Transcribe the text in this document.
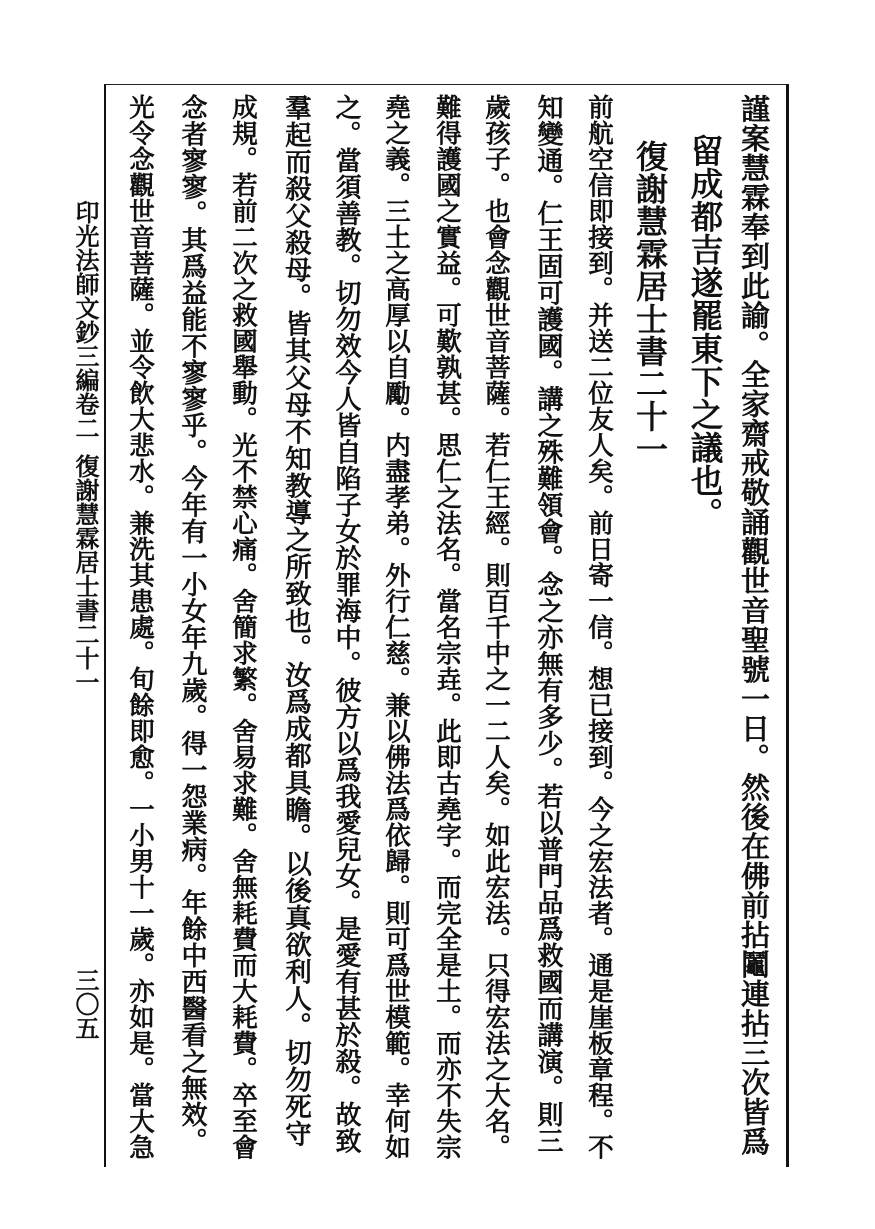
謹案慧霖奉到此諭。全家齋戒敬誦觀世音聖號一日。然後在佛前拈鬮連拈三次皆爲
留成都吉遂罷東下之議也。
復謝慧霖居士書二十一
前航空信即接到。并送二位友人矣。前日寄一信。想已接到。今之宏法者。通是崖板章程。不
知變通。仁王固可護國。講之殊難領會。念之亦無有多少。若以普門品爲救國而講演。則三
歲孩子。也會念觀世音菩薩。若仁王經。則百千中之一二人矣。如此宏法。只得宏法之大名。
難得護國之實益。可歎孰甚。思仁之法名。當名宗垚。此即古堯字。而完全是土。而亦不失宗
堯之義。三土之高厚以自勵。内盡孝弟。外行仁慈。兼以佛法爲依歸。則可爲世模範。幸何如
之。當須善教。切勿效今人皆自陷子女於罪海中。彼方以爲我愛兒女。是愛有甚於殺。故致
羣起而殺父殺母。皆其父母不知教導之所致也。汝爲成都具瞻。以後真欲利人。切勿死守
成規。若前二次之救國舉動。光不禁心痛。舍簡求繁。舍易求難。舍無耗費而大耗費。卒至會
念者寥寥。其爲益能不寥寥乎。今年有一小女年九歲。得一怨業病。年餘中西醫看之無效。
光令念觀世音菩薩。並令飲大悲水。兼洗其患處。旬餘即愈。一小男十一歲。亦如是。當大急
印光法師文鈔三編卷二
復謝慧霖居士書二十一
三〇五
